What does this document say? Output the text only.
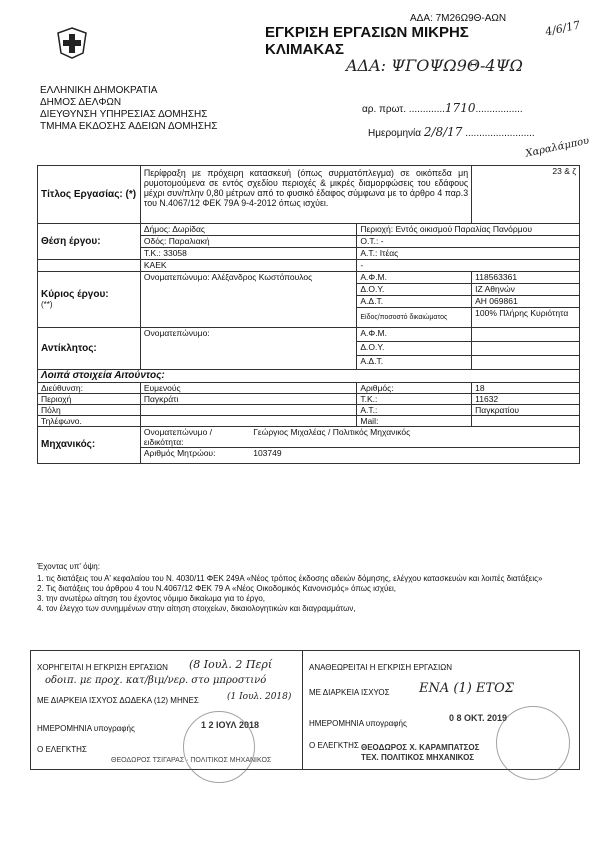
ΑΔΑ: 7Μ26Ω9Θ-ΑΩΝ	4/6/17
ΕΓΚΡΙΣΗ ΕΡΓΑΣΙΩΝ ΜΙΚΡΗΣ
ΚΛΙΜΑΚΑΣ
ΑΔΑ: ΨΓΟΨΩ9Θ-4ΨΩ
ΕΛΛΗΝΙΚΗ ΔΗΜΟΚΡΑΤΙΑ
ΔΗΜΟΣ ΔΕΛΦΩΝ
ΔΙΕΥΘΥΝΣΗ ΥΠΗΡΕΣΙΑΣ ΔΟΜΗΣΗΣ
ΤΜΗΜΑ ΕΚΔΟΣΗΣ ΑΔΕΙΩΝ ΔΟΜΗΣΗΣ
αρ. πρωτ. .............1710.................
Ημερομηνία 2/8/17 .........................
Χαραλάμπου
Τίτλος Εργασίας: (*)	Περίφραξη με πρόχειρη κατασκευή (όπως συρματόπλεγμα) σε οικόπεδα μη ρυμοτομούμενα σε εντός σχεδίου περιοχές & μικρές διαμορφώσεις του εδάφους μέχρι συν/πλην 0,80 μέτρων από το φυσικό έδαφος σύμφωνα με το άρθρο 4 παρ.3 του Ν.4067/12 ΦΕΚ 79Α 9-4-2012 όπως ισχύει.			23 & ζ
Θέση έργου:	Δήμος: Δωρίδας		Περιοχή: Εντός οικισμού Παραλίας Πανόρμου	
	Οδός: Παραλιακή		Ο.Τ.: -	
	Τ.Κ.: 33058		Α.Τ.: Ιτέας	
	ΚΑΕΚ		-	

Κύριος έργου:
(**)	Ονοματεπώνυμο: Αλέξανδρος Κωστόπουλος		Α.Φ.Μ.	118563361
			Δ.Ο.Υ.	ΙΖ Αθηνών
			Α.Δ.Τ.	ΑΗ 069861
			Είδος/ποσοστό δικαιώματος	100% Πλήρης Κυριότητα
Αντίκλητος:	Ονοματεπώνυμο:		Α.Φ.Μ.	
			Δ.Ο.Υ.	
			Α.Δ.Τ.	
Λοιπά στοιχεία Αιτούντος:				
Διεύθυνση:	Ευμενούς		Αριθμός:	18
Περιοχή	Παγκράτι		Τ.Κ.:	11632
Πόλη			Α.Τ.:	Παγκρατίου
Τηλέφωνο.			Mail:	
Μηχανικός:	Ονοματεπώνυμο / ειδικότητα:	Γεώργιος Μιχαλέας / Πολιτικός Μηχανικός		
	Αριθμός Μητρώου:	103749		
Έχοντας υπ' όψη:
1. τις διατάξεις του Α' κεφαλαίου του Ν. 4030/11 ΦΕΚ 249Α «Νέος τρόπος έκδοσης αδειών δόμησης, ελέγχου κατασκευών και λοιπές διατάξεις»
2. Τις διατάξεις του άρθρου 4 του Ν.4067/12 ΦΕΚ 79 Α «Νέος Οικοδομικός Κανονισμός» όπως ισχύει,
3. την ανωτέρω αίτηση του έχοντος νόμιμο δικαίωμα για το έργο,
4. τον έλεγχο των συνημμένων στην αίτηση στοιχείων, δικαιολογητικών και διαγραμμάτων,
ΧΟΡΗΓΕΙΤΑΙ Η ΕΓΚΡΙΣΗ ΕΡΓΑΣΙΩΝ (8 Ιουλ. 2 Περί
οδοιπ. με προχ. κατ/βιμ/νερ. στο μπροστινό
ΜΕ ΔΙΑΡΚΕΙΑ ΙΣΧΥΟΣ ΔΩΔΕΚΑ (12) ΜΗΝΕΣ	(1 Ιουλ. 2018)
ΗΜΕΡΟΜΗΝΙΑ υπογραφής	1 2 ΙΟΥΛ 2018
Ο ΕΛΕΓΚΤΗΣ
ΘΕΟΔΩΡΟΣ ΤΣΙΓΑΡΑΣ · ΠΟΛΙΤΙΚΟΣ ΜΗΧΑΝΙΚΟΣ
ΑΝΑΘΕΩΡΕΙΤΑΙ Η ΕΓΚΡΙΣΗ ΕΡΓΑΣΙΩΝ
ΜΕ ΔΙΑΡΚΕΙΑ ΙΣΧΥΟΣ ΕΝΑ (1) ΕΤΟΣ
ΗΜΕΡΟΜΗΝΙΑ υπογραφής
0 8 ΟΚΤ. 2019
Ο ΕΛΕΓΚΤΗΣ ΘΕΟΔΩΡΟΣ Χ. ΚΑΡΑΜΠΑΤΣΟΣ
ΤΕΧ. ΠΟΛΙΤΙΚΟΣ ΜΗΧΑΝΙΚΟΣ
